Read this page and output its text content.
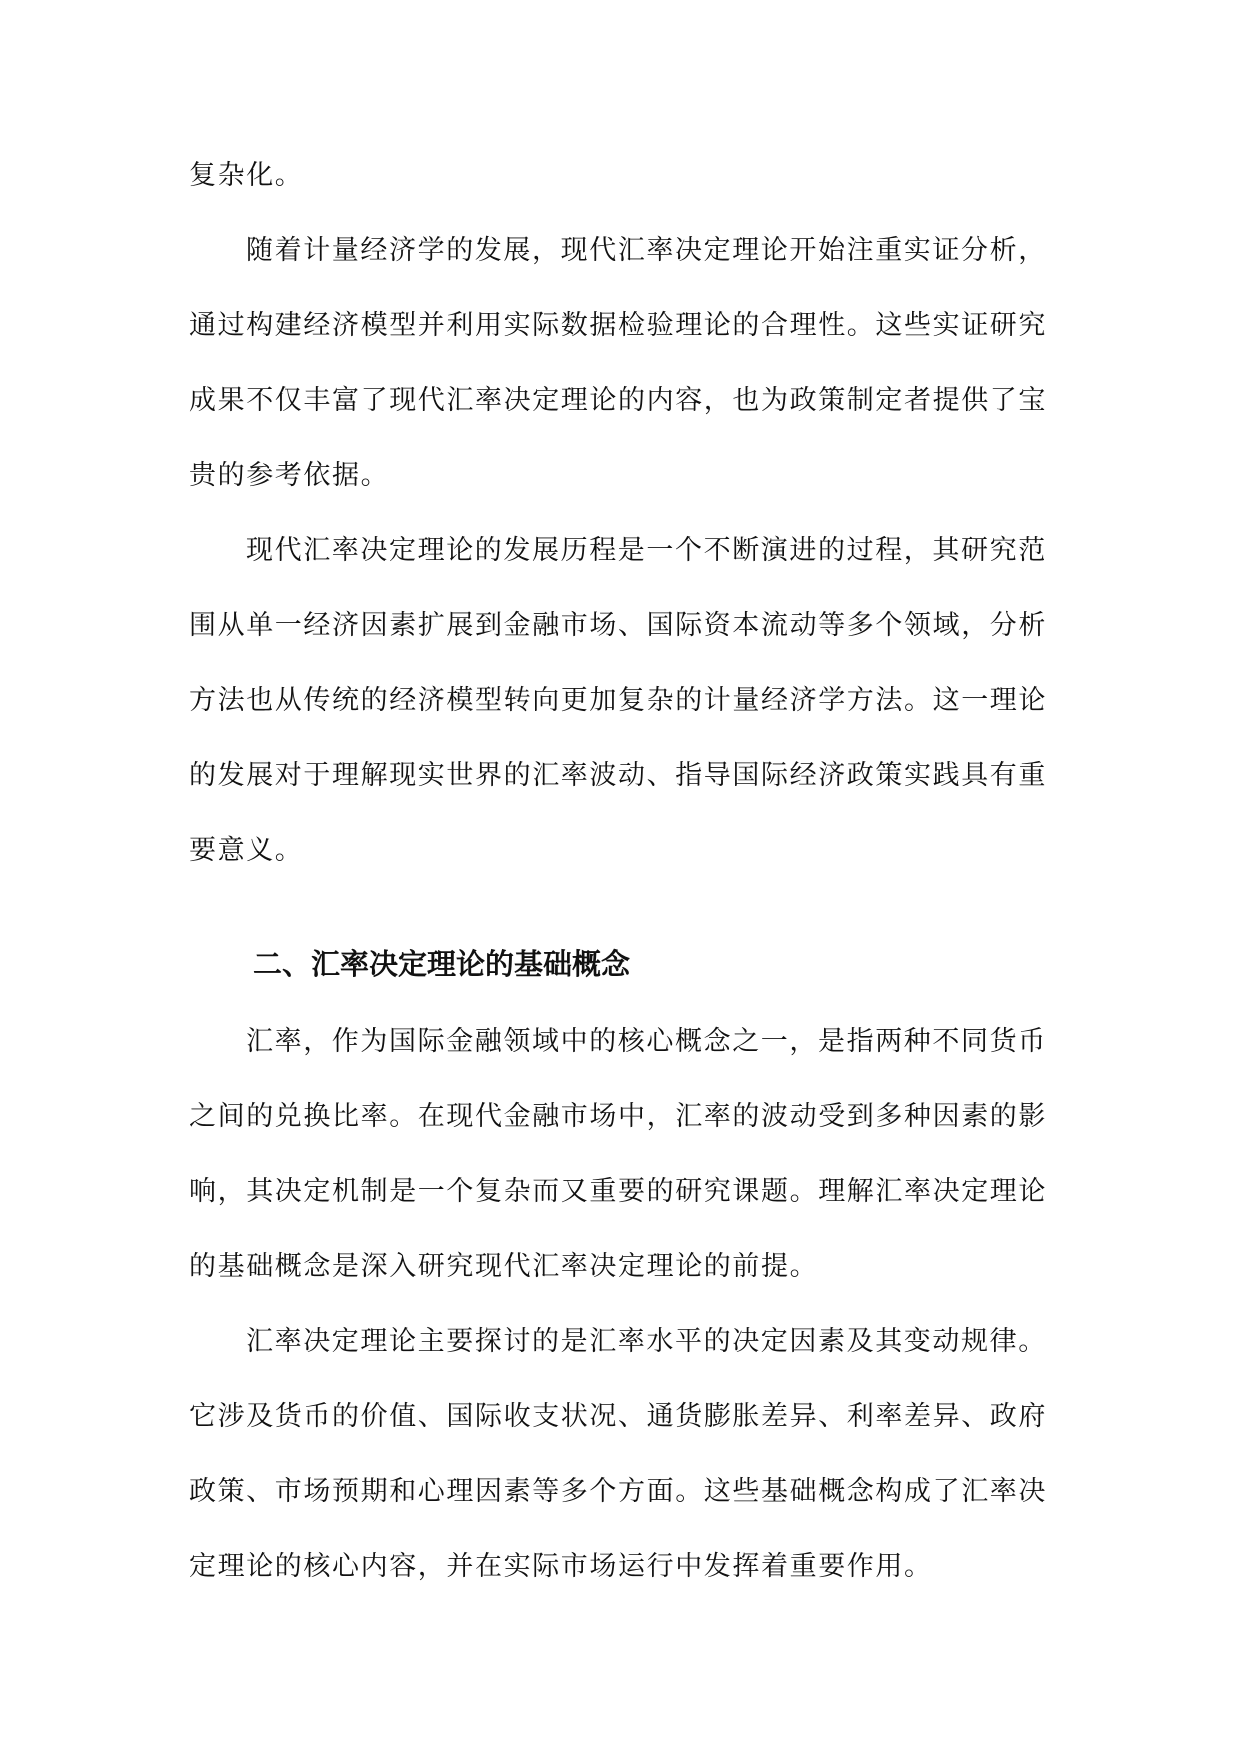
复杂化。
随着计量经济学的发展，现代汇率决定理论开始注重实证分析，
通过构建经济模型并利用实际数据检验理论的合理性。这些实证研究
成果不仅丰富了现代汇率决定理论的内容，也为政策制定者提供了宝
贵的参考依据。
现代汇率决定理论的发展历程是一个不断演进的过程，其研究范
围从单一经济因素扩展到金融市场、国际资本流动等多个领域，分析
方法也从传统的经济模型转向更加复杂的计量经济学方法。这一理论
的发展对于理解现实世界的汇率波动、指导国际经济政策实践具有重
要意义。
二、汇率决定理论的基础概念
汇率，作为国际金融领域中的核心概念之一，是指两种不同货币
之间的兑换比率。在现代金融市场中，汇率的波动受到多种因素的影
响，其决定机制是一个复杂而又重要的研究课题。理解汇率决定理论
的基础概念是深入研究现代汇率决定理论的前提。
汇率决定理论主要探讨的是汇率水平的决定因素及其变动规律。
它涉及货币的价值、国际收支状况、通货膨胀差异、利率差异、政府
政策、市场预期和心理因素等多个方面。这些基础概念构成了汇率决
定理论的核心内容，并在实际市场运行中发挥着重要作用。
